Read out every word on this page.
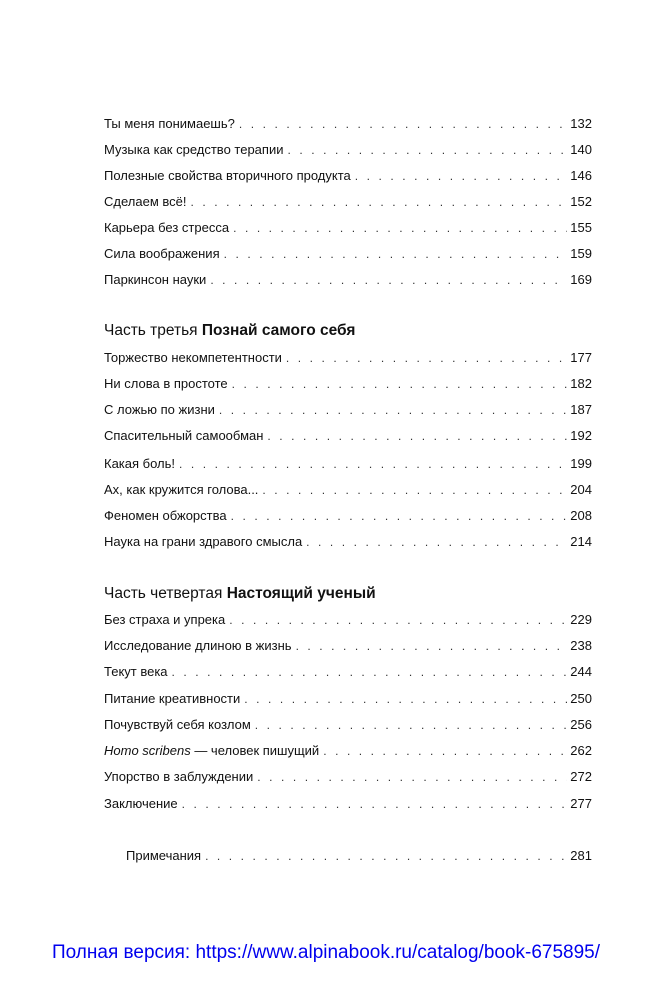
Ты меня понимаешь? . . .	132
Музыка как средство терапии . . .	140
Полезные свойства вторичного продукта . . .	146
Сделаем всё! . . .	152
Карьера без стресса . . .	155
Сила воображения . . .	159
Паркинсон науки . . .	169
Часть третья Познай самого себя
Торжество некомпетентности . . .	177
Ни слова в простоте . . .	182
С ложью по жизни . . .	187
Спасительный самообман . . .	192
Какая боль! . . .	199
Ах, как кружится голова... . . .	204
Феномен обжорства . . .	208
Наука на грани здравого смысла . . .	214
Часть четвертая Настоящий ученый
Без страха и упрека . . .	229
Исследование длиною в жизнь . . .	238
Текут века . . .	244
Питание креативности . . .	250
Почувствуй себя козлом . . .	256
Homo scribens — человек пишущий . . .	262
Упорство в заблуждении . . .	272
Заключение . . .	277
Примечания . . .	281
Полная версия: https://www.alpinabook.ru/catalog/book-675895/
